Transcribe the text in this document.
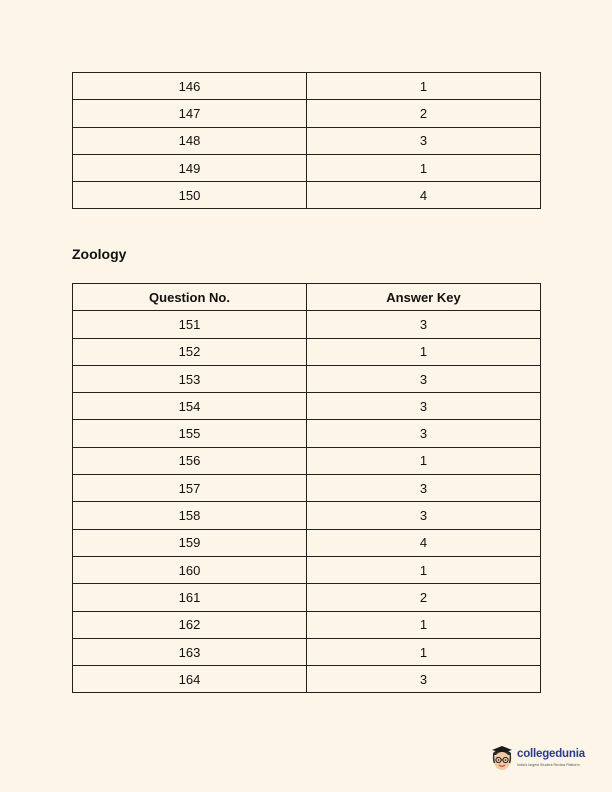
146	1
147	2
148	3
149	1
150	4
Zoology
Question No.	Answer Key
151	3
152	1
153	3
154	3
155	3
156	1
157	3
158	3
159	4
160	1
161	2
162	1
163	1
164	3
collegedunia
India's largest Student Review Platform
